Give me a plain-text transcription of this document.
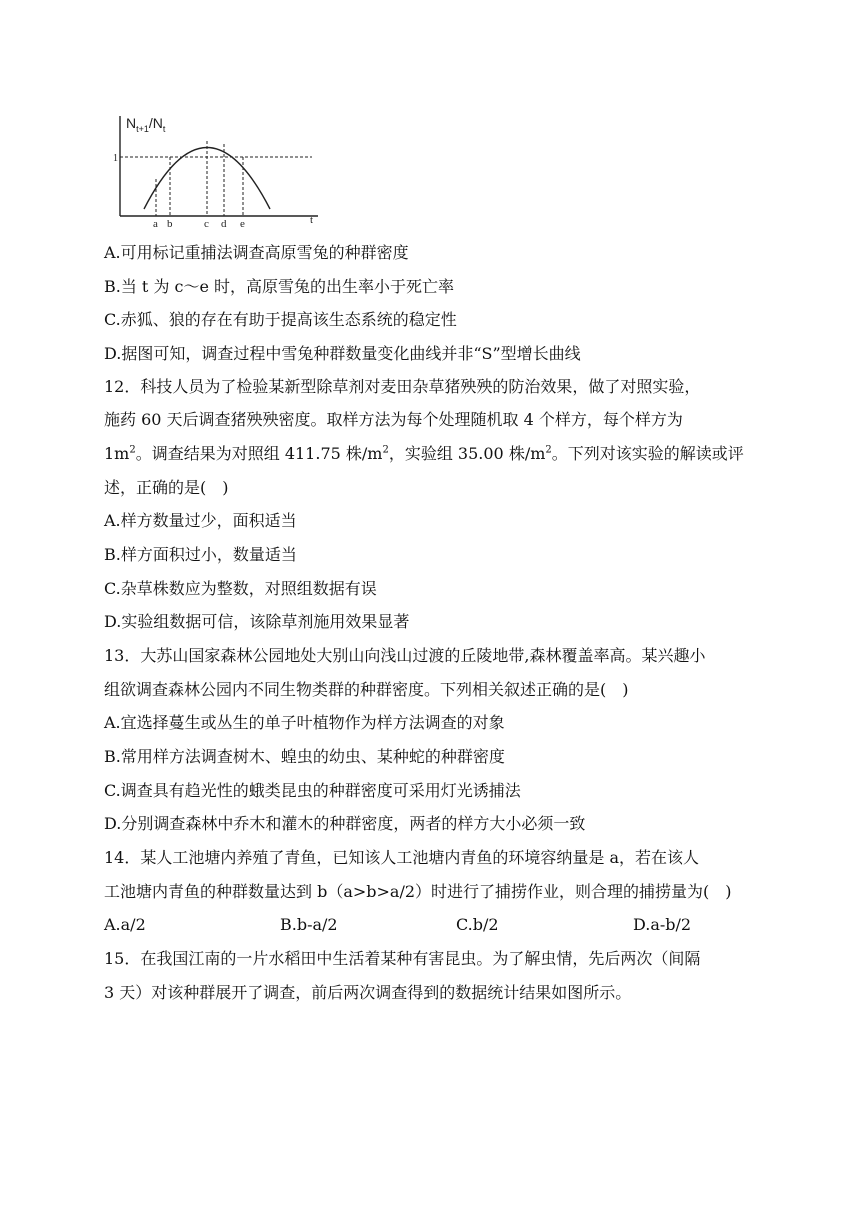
$N_{t+1}/N_t$
1
t
a b	c d e
A.可用标记重捕法调查高原雪兔的种群密度
B.当 t 为 c～e 时，高原雪兔的出生率小于死亡率
C.赤狐、狼的存在有助于提高该生态系统的稳定性
D.据图可知，调查过程中雪兔种群数量变化曲线并非“S”型增长曲线
12．科技人员为了检验某新型除草剂对麦田杂草猪殃殃的防治效果，做了对照实验，
施药 60 天后调查猪殃殃密度。取样方法为每个处理随机取 4 个样方，每个样方为
$1m^2$。调查结果为对照组 411.75 株$/m^2$，实验组 35.00 株$/m^2$。下列对该实验的解读或评
述，正确的是(　)
A.样方数量过少，面积适当
B.样方面积过小，数量适当
C.杂草株数应为整数，对照组数据有误
D.实验组数据可信，该除草剂施用效果显著
13．大苏山国家森林公园地处大别山向浅山过渡的丘陵地带,森林覆盖率高。某兴趣小
组欲调查森林公园内不同生物类群的种群密度。下列相关叙述正确的是(　)
A.宜选择蔓生或丛生的单子叶植物作为样方法调查的对象
B.常用样方法调查树木、蝗虫的幼虫、某种蛇的种群密度
C.调查具有趋光性的蛾类昆虫的种群密度可采用灯光诱捕法
D.分别调查森林中乔木和灌木的种群密度，两者的样方大小必须一致
14．某人工池塘内养殖了青鱼，已知该人工池塘内青鱼的环境容纳量是 a，若在该人
工池塘内青鱼的种群数量达到 b（a>b>a/2）时进行了捕捞作业，则合理的捕捞量为(　)
A.a/2	B.b-a/2	C.b/2	D.a-b/2
15．在我国江南的一片水稻田中生活着某种有害昆虫。为了解虫情，先后两次（间隔
3 天）对该种群展开了调查，前后两次调查得到的数据统计结果如图所示。
